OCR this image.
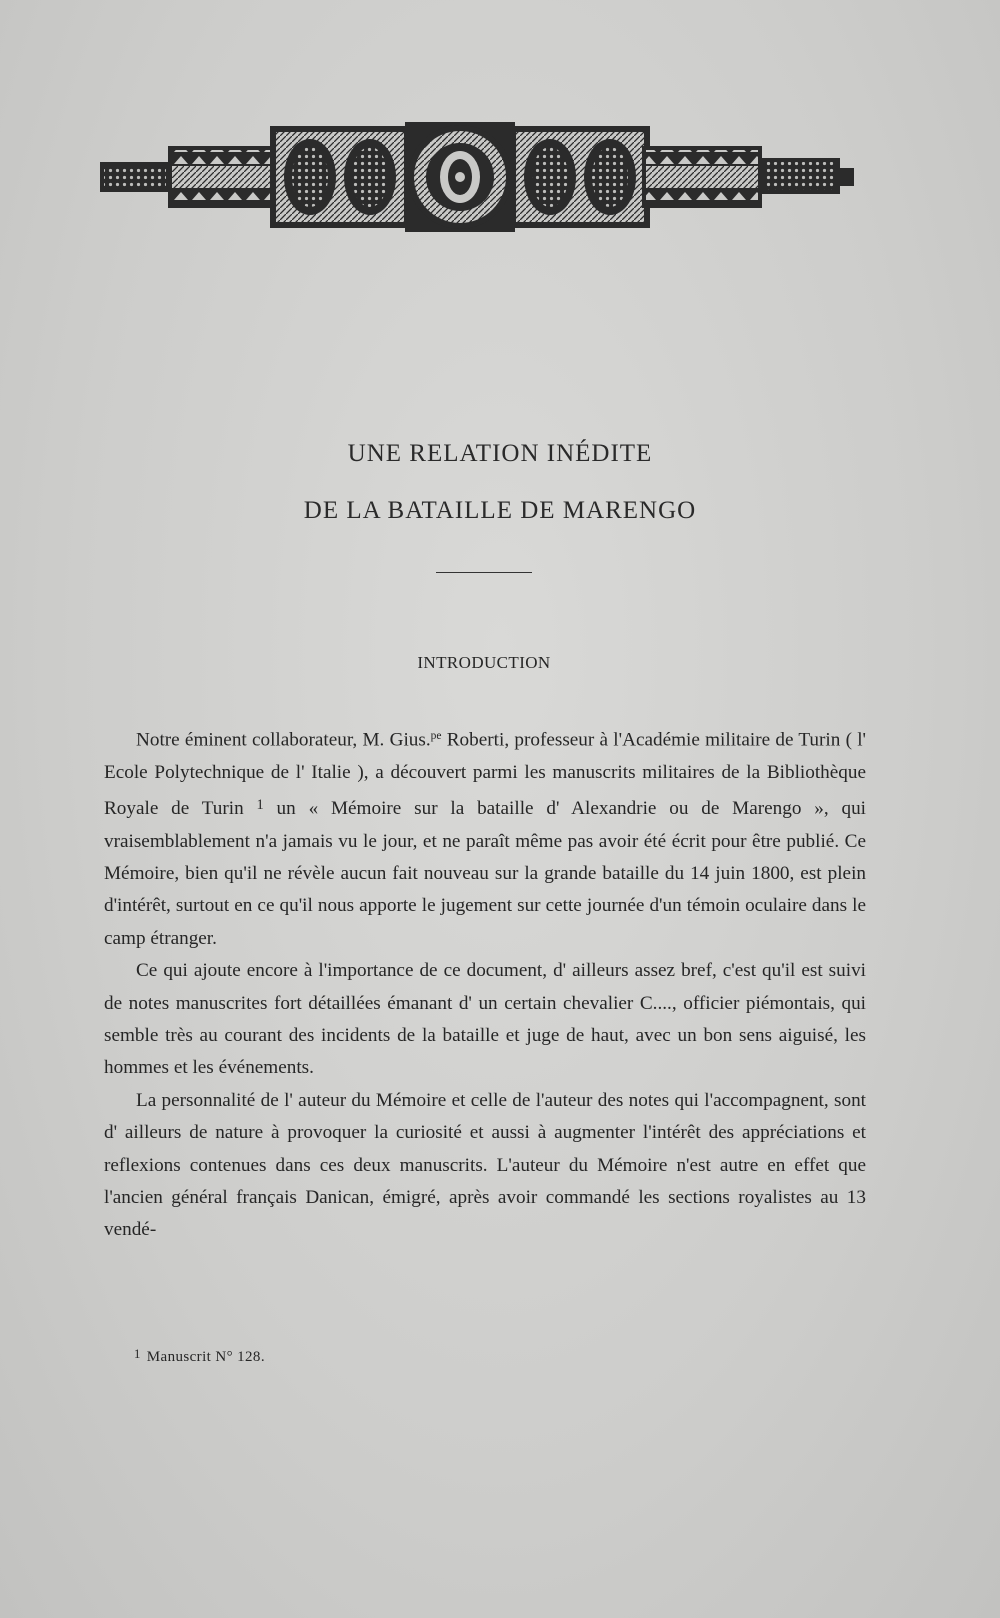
UNE RELATION INÉDITE
DE LA BATAILLE DE MARENGO
INTRODUCTION

Notre éminent collaborateur, M. Gius.$^{pe}$ Roberti, professeur à l'Académie militaire de Turin ( l' Ecole Polytechnique de l' Italie ), a découvert parmi les manuscrits militaires de la Bibliothèque Royale de Turin $^1$ un « Mémoire sur la bataille d' Alexandrie ou de Marengo », qui vraisemblablement n'a jamais vu le jour, et ne paraît même pas avoir été écrit pour être publié. Ce Mémoire, bien qu'il ne révèle aucun fait nouveau sur la grande bataille du 14 juin 1800, est plein d'intérêt, surtout en ce qu'il nous apporte le jugement sur cette journée d'un témoin oculaire dans le camp étranger.

Ce qui ajoute encore à l'importance de ce document, d' ailleurs assez bref, c'est qu'il est suivi de notes manuscrites fort détaillées émanant d' un certain chevalier C...., officier piémontais, qui semble très au courant des incidents de la bataille et juge de haut, avec un bon sens aiguisé, les hommes et les événements.

La personnalité de l' auteur du Mémoire et celle de l'auteur des notes qui l'accompagnent, sont d' ailleurs de nature à provoquer la curiosité et aussi à augmenter l'intérêt des appréciations et reflexions contenues dans ces deux manuscrits. L'auteur du Mémoire n'est autre en effet que l'ancien général français Danican, émigré, après avoir commandé les sections royalistes au 13 vendé-

$^1$ Manuscrit N° 128.
